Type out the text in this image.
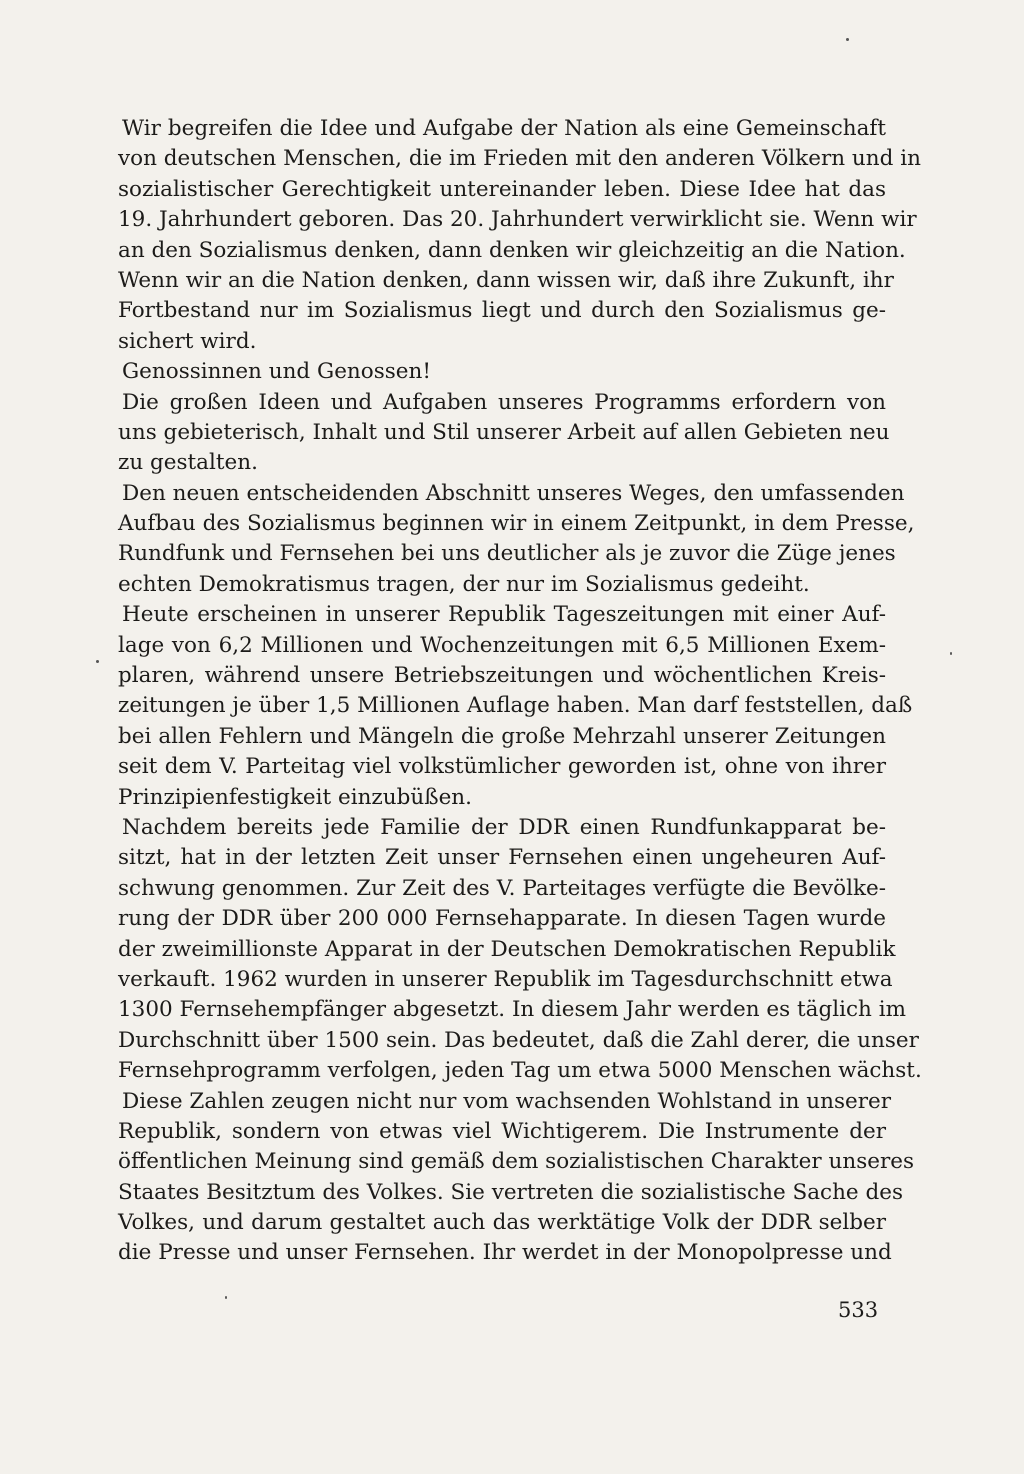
Wir begreifen die Idee und Aufgabe der Nation als eine Gemeinschaft
von deutschen Menschen, die im Frieden mit den anderen Völkern und in
sozialistischer Gerechtigkeit untereinander leben. Diese Idee hat das
19. Jahrhundert geboren. Das 20. Jahrhundert verwirklicht sie. Wenn wir
an den Sozialismus denken, dann denken wir gleichzeitig an die Nation.
Wenn wir an die Nation denken, dann wissen wir, daß ihre Zukunft, ihr
Fortbestand nur im Sozialismus liegt und durch den Sozialismus ge-
sichert wird.
Genossinnen und Genossen!
Die großen Ideen und Aufgaben unseres Programms erfordern von
uns gebieterisch, Inhalt und Stil unserer Arbeit auf allen Gebieten neu
zu gestalten.
Den neuen entscheidenden Abschnitt unseres Weges, den umfassenden
Aufbau des Sozialismus beginnen wir in einem Zeitpunkt, in dem Presse,
Rundfunk und Fernsehen bei uns deutlicher als je zuvor die Züge jenes
echten Demokratismus tragen, der nur im Sozialismus gedeiht.
Heute erscheinen in unserer Republik Tageszeitungen mit einer Auf-
lage von 6,2 Millionen und Wochenzeitungen mit 6,5 Millionen Exem-
plaren, während unsere Betriebszeitungen und wöchentlichen Kreis-
zeitungen je über 1,5 Millionen Auflage haben. Man darf feststellen, daß
bei allen Fehlern und Mängeln die große Mehrzahl unserer Zeitungen
seit dem V. Parteitag viel volkstümlicher geworden ist, ohne von ihrer
Prinzipienfestigkeit einzubüßen.
Nachdem bereits jede Familie der DDR einen Rundfunkapparat be-
sitzt, hat in der letzten Zeit unser Fernsehen einen ungeheuren Auf-
schwung genommen. Zur Zeit des V. Parteitages verfügte die Bevölke-
rung der DDR über 200 000 Fernsehapparate. In diesen Tagen wurde
der zweimillionste Apparat in der Deutschen Demokratischen Republik
verkauft. 1962 wurden in unserer Republik im Tagesdurchschnitt etwa
1300 Fernsehempfänger abgesetzt. In diesem Jahr werden es täglich im
Durchschnitt über 1500 sein. Das bedeutet, daß die Zahl derer, die unser
Fernsehprogramm verfolgen, jeden Tag um etwa 5000 Menschen wächst.
Diese Zahlen zeugen nicht nur vom wachsenden Wohlstand in unserer
Republik, sondern von etwas viel Wichtigerem. Die Instrumente der
öffentlichen Meinung sind gemäß dem sozialistischen Charakter unseres
Staates Besitztum des Volkes. Sie vertreten die sozialistische Sache des
Volkes, und darum gestaltet auch das werktätige Volk der DDR selber
die Presse und unser Fernsehen. Ihr werdet in der Monopolpresse und
533
